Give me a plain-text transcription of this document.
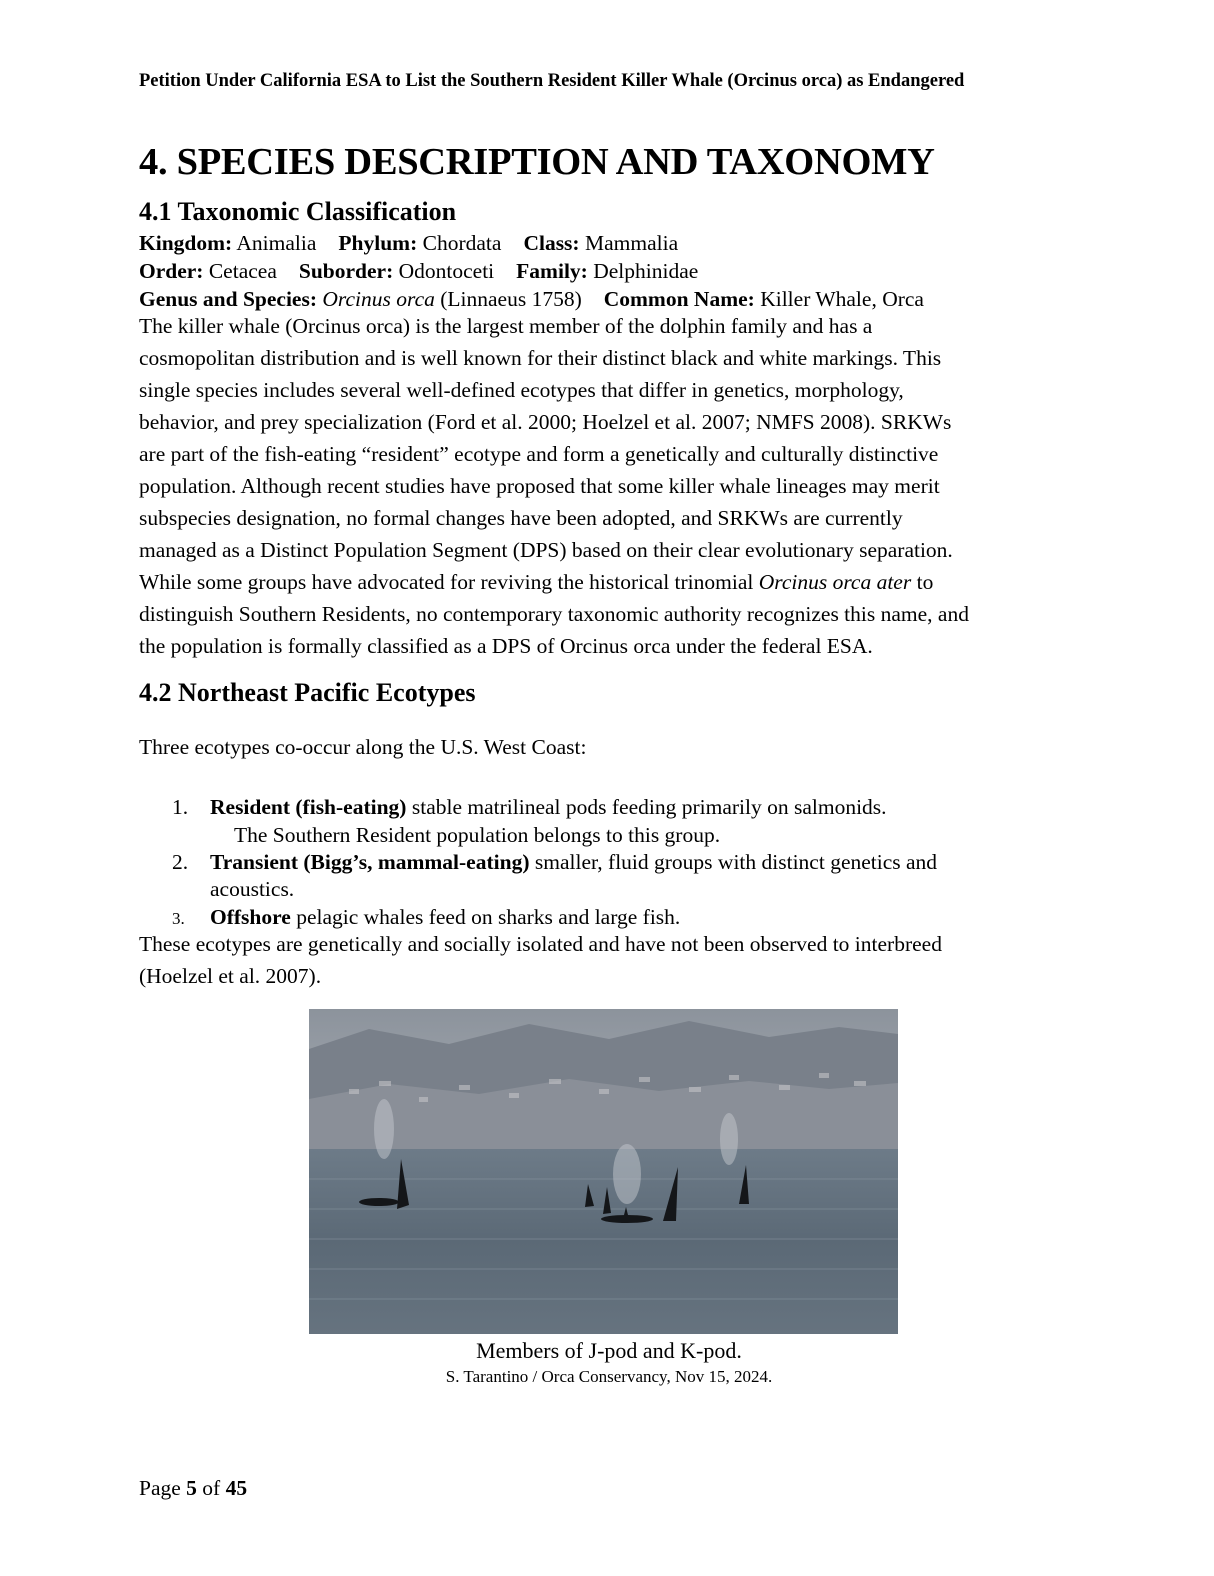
Petition Under California ESA to List the Southern Resident Killer Whale (Orcinus orca) as Endangered
4. SPECIES DESCRIPTION AND TAXONOMY
4.1 Taxonomic Classification
Kingdom: Animalia Phylum: Chordata Class: Mammalia
Order: Cetacea Suborder: Odontoceti Family: Delphinidae
Genus and Species: Orcinus orca (Linnaeus 1758) Common Name: Killer Whale, Orca
The killer whale (Orcinus orca) is the largest member of the dolphin family and has a
cosmopolitan distribution and is well known for their distinct black and white markings. This
single species includes several well-defined ecotypes that differ in genetics, morphology,
behavior, and prey specialization (Ford et al. 2000; Hoelzel et al. 2007; NMFS 2008). SRKWs
are part of the fish-eating “resident” ecotype and form a genetically and culturally distinctive
population. Although recent studies have proposed that some killer whale lineages may merit
subspecies designation, no formal changes have been adopted, and SRKWs are currently
managed as a Distinct Population Segment (DPS) based on their clear evolutionary separation.
While some groups have advocated for reviving the historical trinomial Orcinus orca ater to
distinguish Southern Residents, no contemporary taxonomic authority recognizes this name, and
the population is formally classified as a DPS of Orcinus orca under the federal ESA.
4.2 Northeast Pacific Ecotypes
Three ecotypes co-occur along the U.S. West Coast:
1. Resident (fish-eating) stable matrilineal pods feeding primarily on salmonids.
The Southern Resident population belongs to this group.
2. Transient (Bigg’s, mammal-eating) smaller, fluid groups with distinct genetics and
acoustics.
3. Offshore pelagic whales feed on sharks and large fish.
These ecotypes are genetically and socially isolated and have not been observed to interbreed
(Hoelzel et al. 2007).
Members of J-pod and K-pod.
S. Tarantino / Orca Conservancy, Nov 15, 2024.
Page 5 of 45
